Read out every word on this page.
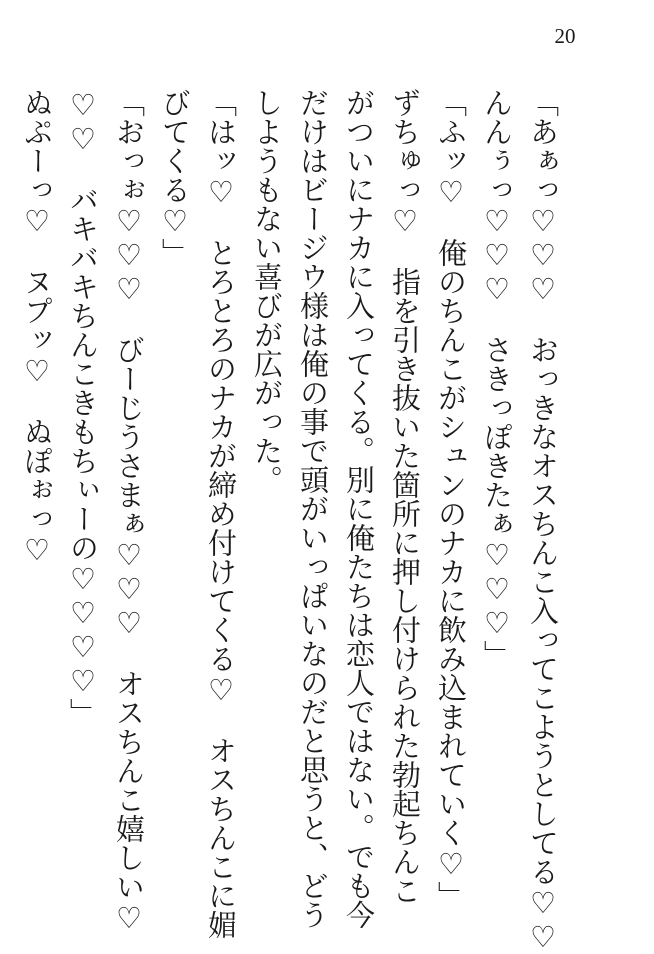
20
「あぁっ♡♡♡　おっきなオスちんこ入ってこようとしてる♡♡
んんぅっ♡♡♡　さきっぽきたぁ♡♡♡」
「ふッ♡　俺のちんこがシュンのナカに飲み込まれていく♡」
ずちゅっ♡　指を引き抜いた箇所に押し付けられた勃起ちんこ
がついにナカに入ってくる。別に俺たちは恋人ではない。でも今
だけはビージウ様は俺の事で頭がいっぱいなのだと思うと、どう
しようもない喜びが広がった。
「はッ♡　とろとろのナカが締め付けてくる♡　オスちんこに媚
びてくる♡」
「おっぉ♡♡♡　びーじうさまぁ♡♡♡　オスちんこ嬉しい♡
♡♡　バキバキちんこきもちぃーの♡♡♡♡」
ぬぷーっ♡　ヌプッ♡　ぬぽぉっ♡
